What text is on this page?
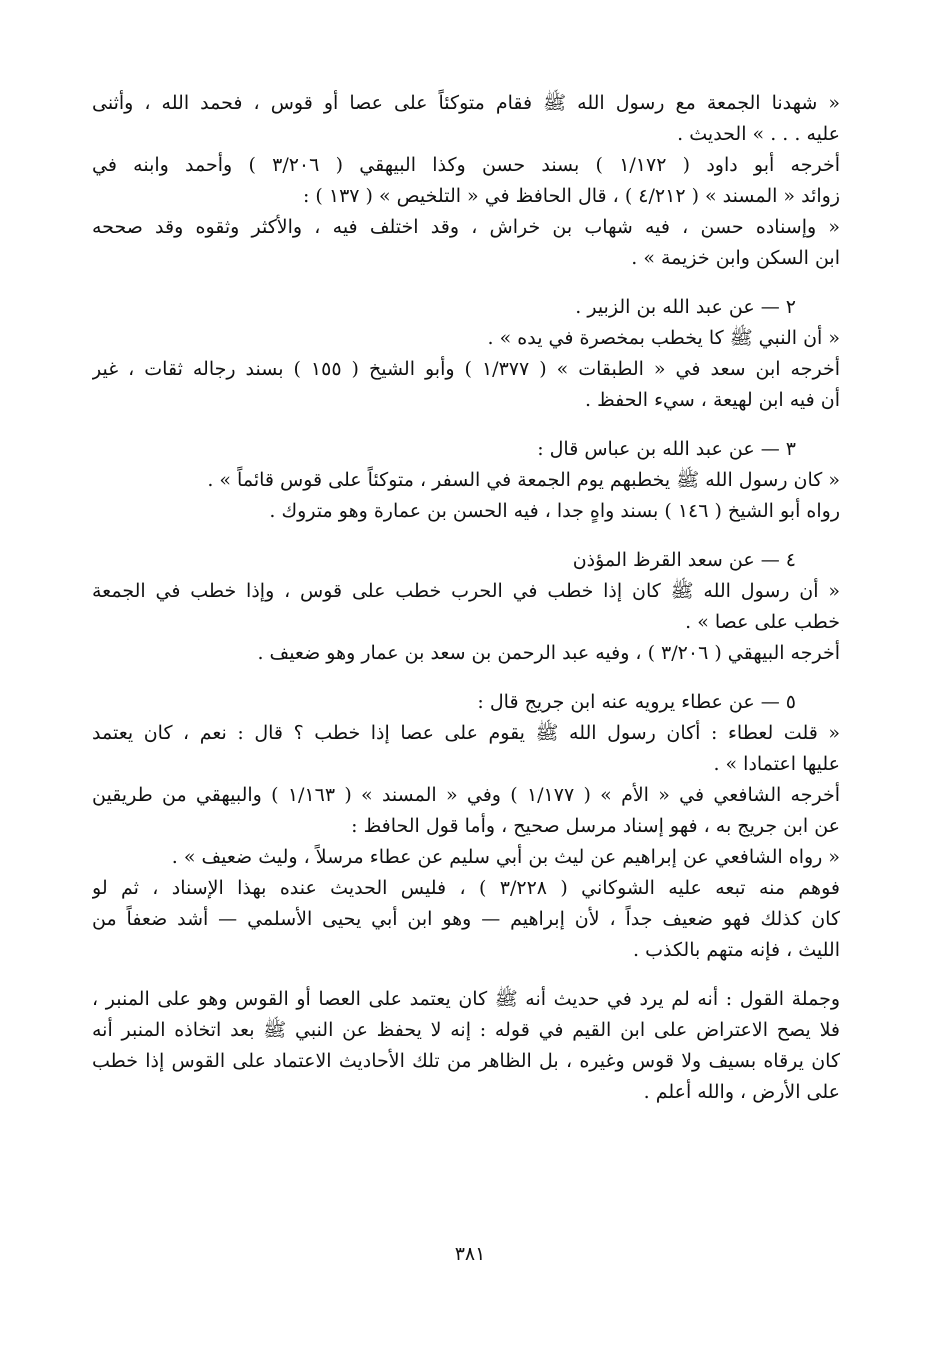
« شهدنا الجمعة مع رسول الله ﷺ فقام متوكئاً على عصا أو قوس ، فحمد الله ، وأثنى
عليه . . . » الحديث .
أخرجه أبو داود ( ١/١٧٢ ) بسند حسن وكذا البيهقي ( ٣/٢٠٦ ) وأحمد وابنه في
زوائد « المسند » ( ٤/٢١٢ ) ، قال الحافظ في « التلخيص » ( ١٣٧ ) :
« وإسناده حسن ، فيه شهاب بن خراش ، وقد اختلف فيه ، والأكثر وثقوه وقد صححه
ابن السكن وابن خزيمة » .
٢ — عن عبد الله بن الزبير .
« أن النبي ﷺ كا يخطب بمخصرة في يده » .
أخرجه ابن سعد في « الطبقات » ( ١/٣٧٧ ) وأبو الشيخ ( ١٥٥ ) بسند رجاله ثقات ، غير
أن فيه ابن لهيعة ، سيء الحفظ .
٣ — عن عبد الله بن عباس قال :
« كان رسول الله ﷺ يخطبهم يوم الجمعة في السفر ، متوكئاً على قوس قائماً » .
رواه أبو الشيخ ( ١٤٦ ) بسند واهٍ جدا ، فيه الحسن بن عمارة وهو متروك .
٤ — عن سعد القرظ المؤذن
« أن رسول الله ﷺ كان إذا خطب في الحرب خطب على قوس ، وإذا خطب في الجمعة
خطب على عصا » .
أخرجه البيهقي ( ٣/٢٠٦ ) ، وفيه عبد الرحمن بن سعد بن عمار وهو ضعيف .
٥ — عن عطاء يرويه عنه ابن جريج قال :
« قلت لعطاء : أكان رسول الله ﷺ يقوم على عصا إذا خطب ؟ قال : نعم ، كان يعتمد
عليها اعتمادا » .
أخرجه الشافعي في « الأم » ( ١/١٧٧ ) وفي « المسند » ( ١/١٦٣ ) والبيهقي من طريقين
عن ابن جريج به ، فهو إسناد مرسل صحيح ، وأما قول الحافظ :
« رواه الشافعي عن إبراهيم عن ليث بن أبي سليم عن عطاء مرسلاً ، وليث ضعيف » .
فوهم منه تبعه عليه الشوكاني ( ٣/٢٢٨ ) ، فليس الحديث عنده بهذا الإسناد ، ثم لو
كان كذلك فهو ضعيف جداً ، لأن إبراهيم — وهو ابن أبي يحيى الأسلمي — أشد ضعفاً من
الليث ، فإنه متهم بالكذب .
وجملة القول : أنه لم يرد في حديث أنه ﷺ كان يعتمد على العصا أو القوس وهو على المنبر ،
فلا يصح الاعتراض على ابن القيم في قوله : إنه لا يحفظ عن النبي ﷺ بعد اتخاذه المنبر أنه
كان يرقاه بسيف ولا قوس وغيره ، بل الظاهر من تلك الأحاديث الاعتماد على القوس إذا خطب
على الأرض ، والله أعلم .
٣٨١
